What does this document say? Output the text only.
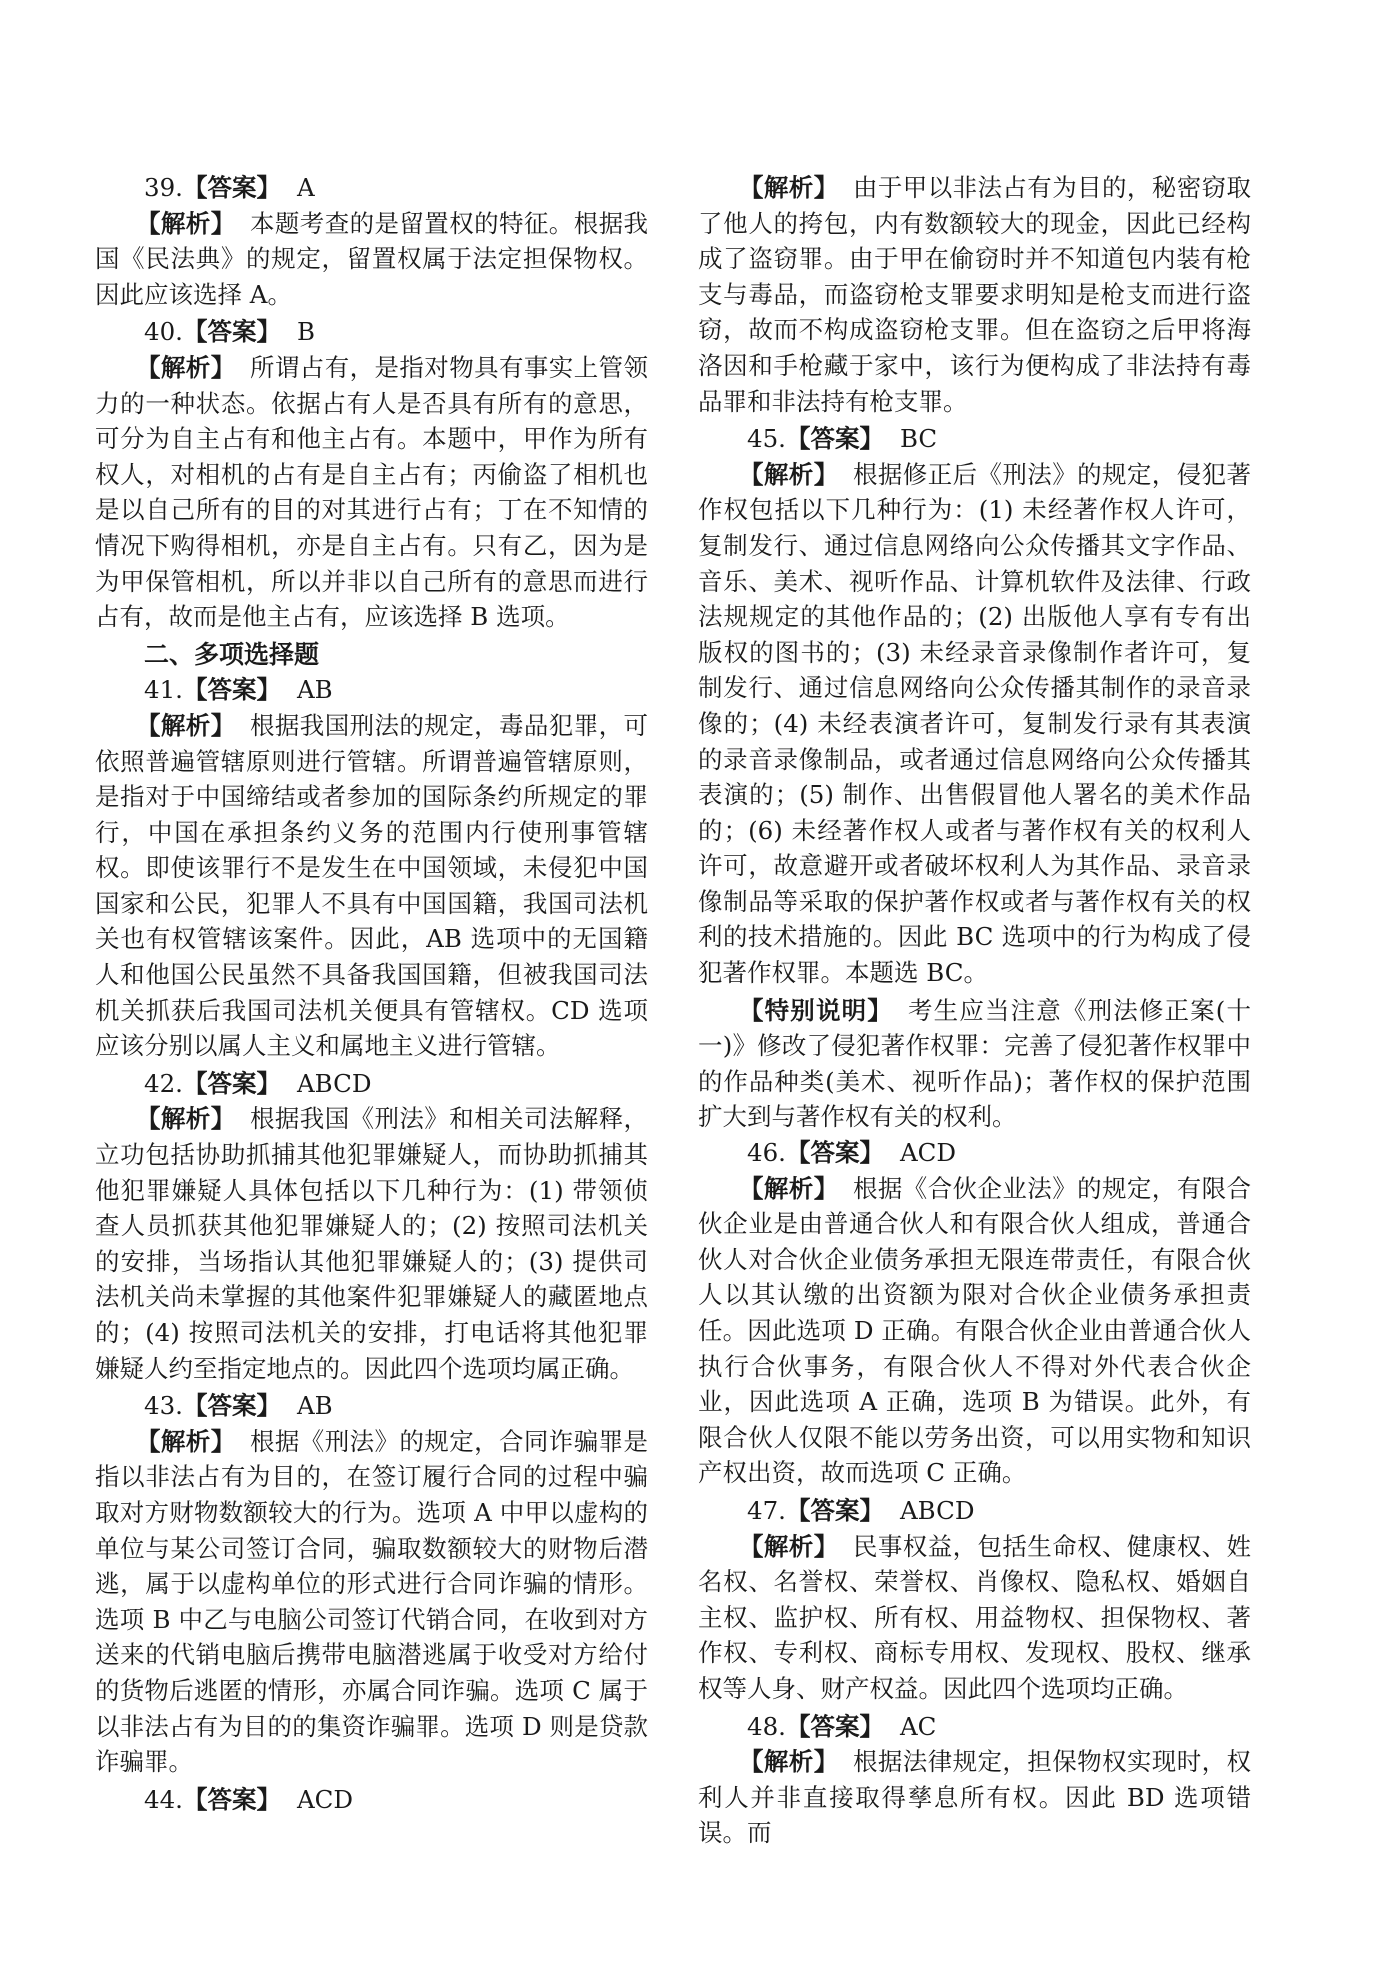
39.【答案】 A

【解析】 本题考查的是留置权的特征。根据我国《民法典》的规定，留置权属于法定担保物权。因此应该选择 A。

40.【答案】 B

【解析】 所谓占有，是指对物具有事实上管领力的一种状态。依据占有人是否具有所有的意思，可分为自主占有和他主占有。本题中，甲作为所有权人，对相机的占有是自主占有；丙偷盗了相机也是以自己所有的目的对其进行占有；丁在不知情的情况下购得相机，亦是自主占有。只有乙，因为是为甲保管相机，所以并非以自己所有的意思而进行占有，故而是他主占有，应该选择 B 选项。

二、多项选择题

41.【答案】 AB

【解析】 根据我国刑法的规定，毒品犯罪，可依照普遍管辖原则进行管辖。所谓普遍管辖原则，是指对于中国缔结或者参加的国际条约所规定的罪行，中国在承担条约义务的范围内行使刑事管辖权。即使该罪行不是发生在中国领域，未侵犯中国国家和公民，犯罪人不具有中国国籍，我国司法机关也有权管辖该案件。因此，AB 选项中的无国籍人和他国公民虽然不具备我国国籍，但被我国司法机关抓获后我国司法机关便具有管辖权。CD 选项应该分别以属人主义和属地主义进行管辖。

42.【答案】 ABCD

【解析】 根据我国《刑法》和相关司法解释，立功包括协助抓捕其他犯罪嫌疑人，而协助抓捕其他犯罪嫌疑人具体包括以下几种行为：(1) 带领侦查人员抓获其他犯罪嫌疑人的；(2) 按照司法机关的安排，当场指认其他犯罪嫌疑人的；(3) 提供司法机关尚未掌握的其他案件犯罪嫌疑人的藏匿地点的；(4) 按照司法机关的安排，打电话将其他犯罪嫌疑人约至指定地点的。因此四个选项均属正确。

43.【答案】 AB

【解析】 根据《刑法》的规定，合同诈骗罪是指以非法占有为目的，在签订履行合同的过程中骗取对方财物数额较大的行为。选项 A 中甲以虚构的单位与某公司签订合同，骗取数额较大的财物后潜逃，属于以虚构单位的形式进行合同诈骗的情形。选项 B 中乙与电脑公司签订代销合同，在收到对方送来的代销电脑后携带电脑潜逃属于收受对方给付的货物后逃匿的情形，亦属合同诈骗。选项 C 属于以非法占有为目的的集资诈骗罪。选项 D 则是贷款诈骗罪。

44.【答案】 ACD

【解析】 由于甲以非法占有为目的，秘密窃取了他人的挎包，内有数额较大的现金，因此已经构成了盗窃罪。由于甲在偷窃时并不知道包内装有枪支与毒品，而盗窃枪支罪要求明知是枪支而进行盗窃，故而不构成盗窃枪支罪。但在盗窃之后甲将海洛因和手枪藏于家中，该行为便构成了非法持有毒品罪和非法持有枪支罪。

45.【答案】 BC

【解析】 根据修正后《刑法》的规定，侵犯著作权包括以下几种行为：(1) 未经著作权人许可，复制发行、通过信息网络向公众传播其文字作品、音乐、美术、视听作品、计算机软件及法律、行政法规规定的其他作品的；(2) 出版他人享有专有出版权的图书的；(3) 未经录音录像制作者许可，复制发行、通过信息网络向公众传播其制作的录音录像的；(4) 未经表演者许可，复制发行录有其表演的录音录像制品，或者通过信息网络向公众传播其表演的；(5) 制作、出售假冒他人署名的美术作品的；(6) 未经著作权人或者与著作权有关的权利人许可，故意避开或者破坏权利人为其作品、录音录像制品等采取的保护著作权或者与著作权有关的权利的技术措施的。因此 BC 选项中的行为构成了侵犯著作权罪。本题选 BC。

【特别说明】 考生应当注意《刑法修正案(十一)》修改了侵犯著作权罪：完善了侵犯著作权罪中的作品种类(美术、视听作品)；著作权的保护范围扩大到与著作权有关的权利。

46.【答案】 ACD

【解析】 根据《合伙企业法》的规定，有限合伙企业是由普通合伙人和有限合伙人组成，普通合伙人对合伙企业债务承担无限连带责任，有限合伙人以其认缴的出资额为限对合伙企业债务承担责任。因此选项 D 正确。有限合伙企业由普通合伙人执行合伙事务，有限合伙人不得对外代表合伙企业，因此选项 A 正确，选项 B 为错误。此外，有限合伙人仅限不能以劳务出资，可以用实物和知识产权出资，故而选项 C 正确。

47.【答案】 ABCD

【解析】 民事权益，包括生命权、健康权、姓名权、名誉权、荣誉权、肖像权、隐私权、婚姻自主权、监护权、所有权、用益物权、担保物权、著作权、专利权、商标专用权、发现权、股权、继承权等人身、财产权益。因此四个选项均正确。

48.【答案】 AC

【解析】 根据法律规定，担保物权实现时，权利人并非直接取得孳息所有权。因此 BD 选项错误。而
